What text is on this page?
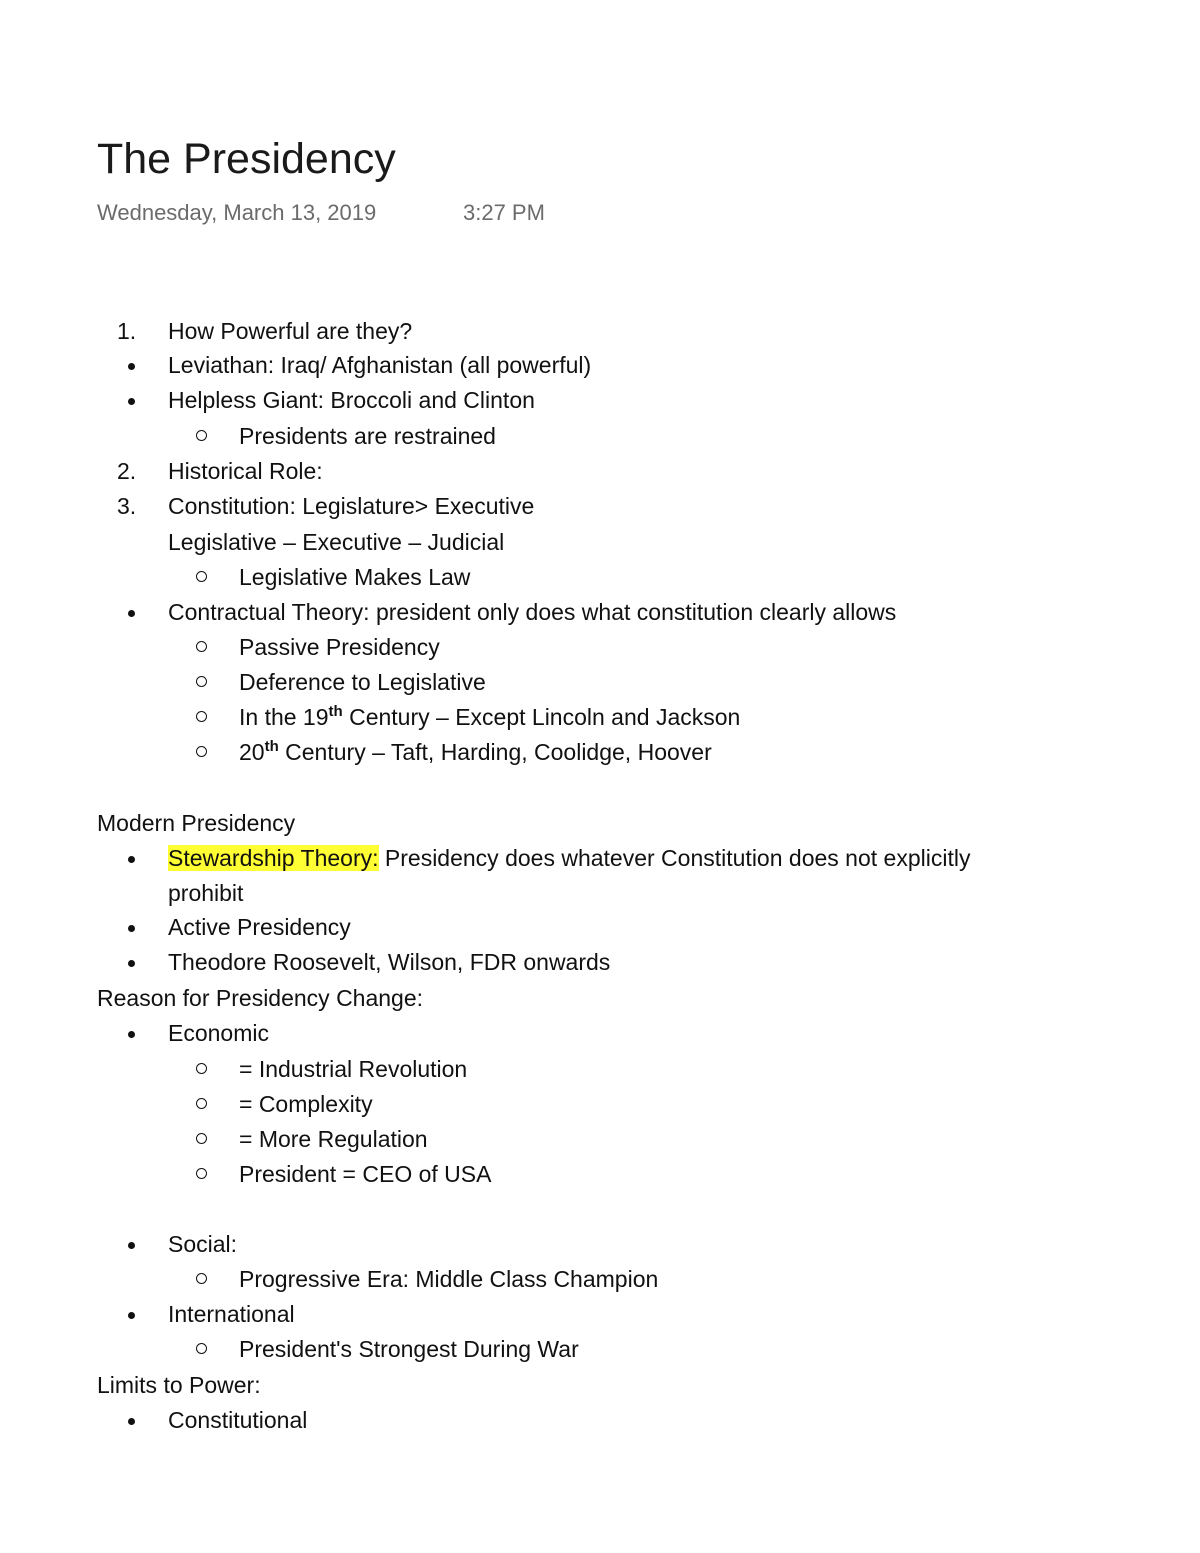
The Presidency
Wednesday, March 13, 2019	3:27 PM
1. How Powerful are they?
Leviathan: Iraq/ Afghanistan (all powerful)
Helpless Giant: Broccoli and Clinton
Presidents are restrained
2. Historical Role:
3. Constitution: Legislature> Executive
Legislative – Executive – Judicial
Legislative Makes Law
Contractual Theory: president only does what constitution clearly allows
Passive Presidency
Deference to Legislative
In the 19th Century – Except Lincoln and Jackson
20th Century – Taft, Harding, Coolidge, Hoover
Modern Presidency
Stewardship Theory: Presidency does whatever Constitution does not explicitly
prohibit
Active Presidency
Theodore Roosevelt, Wilson, FDR onwards
Reason for Presidency Change:
Economic
= Industrial Revolution
= Complexity
= More Regulation
President = CEO of USA
Social:
Progressive Era: Middle Class Champion
International
President's Strongest During War
Limits to Power:
Constitutional
